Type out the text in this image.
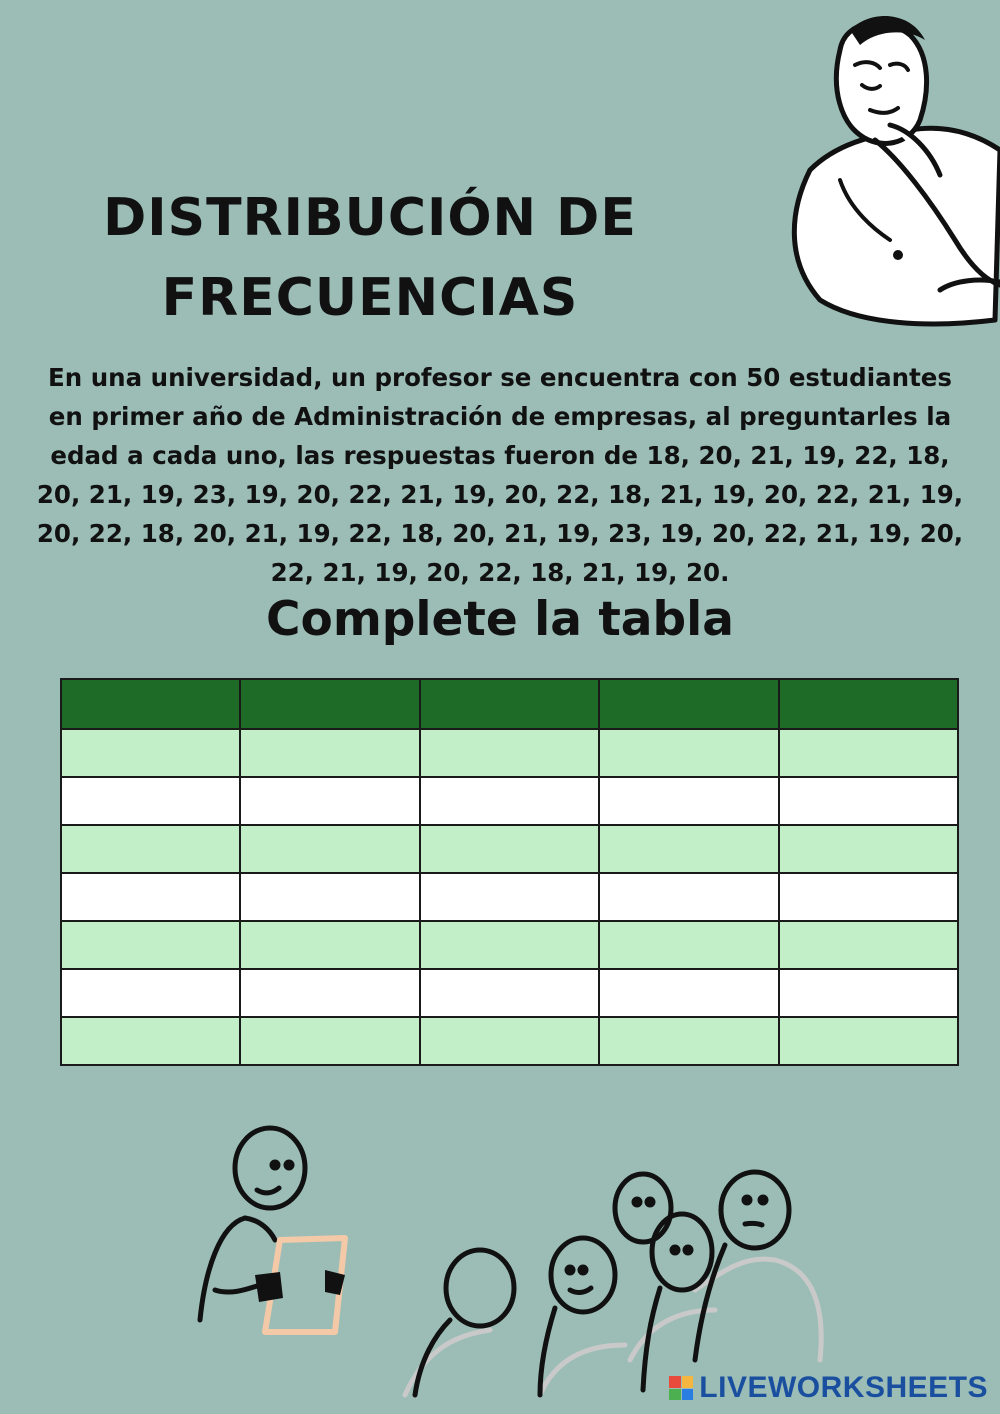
DISTRIBUCIÓN DE
FRECUENCIAS
En una universidad, un profesor se encuentra con 50 estudiantes en primer año de Administración de empresas, al preguntarles la edad a cada uno, las respuestas fueron de 18, 20, 21, 19, 22, 18, 20, 21, 19, 23, 19, 20, 22, 21, 19, 20, 22, 18, 21, 19, 20, 22, 21, 19, 20, 22, 18, 20, 21, 19, 22, 18, 20, 21, 19, 23, 19, 20, 22, 21, 19, 20, 22, 21, 19, 20, 22, 18, 21, 19, 20.
Complete la tabla

LIVEWORKSHEETS
